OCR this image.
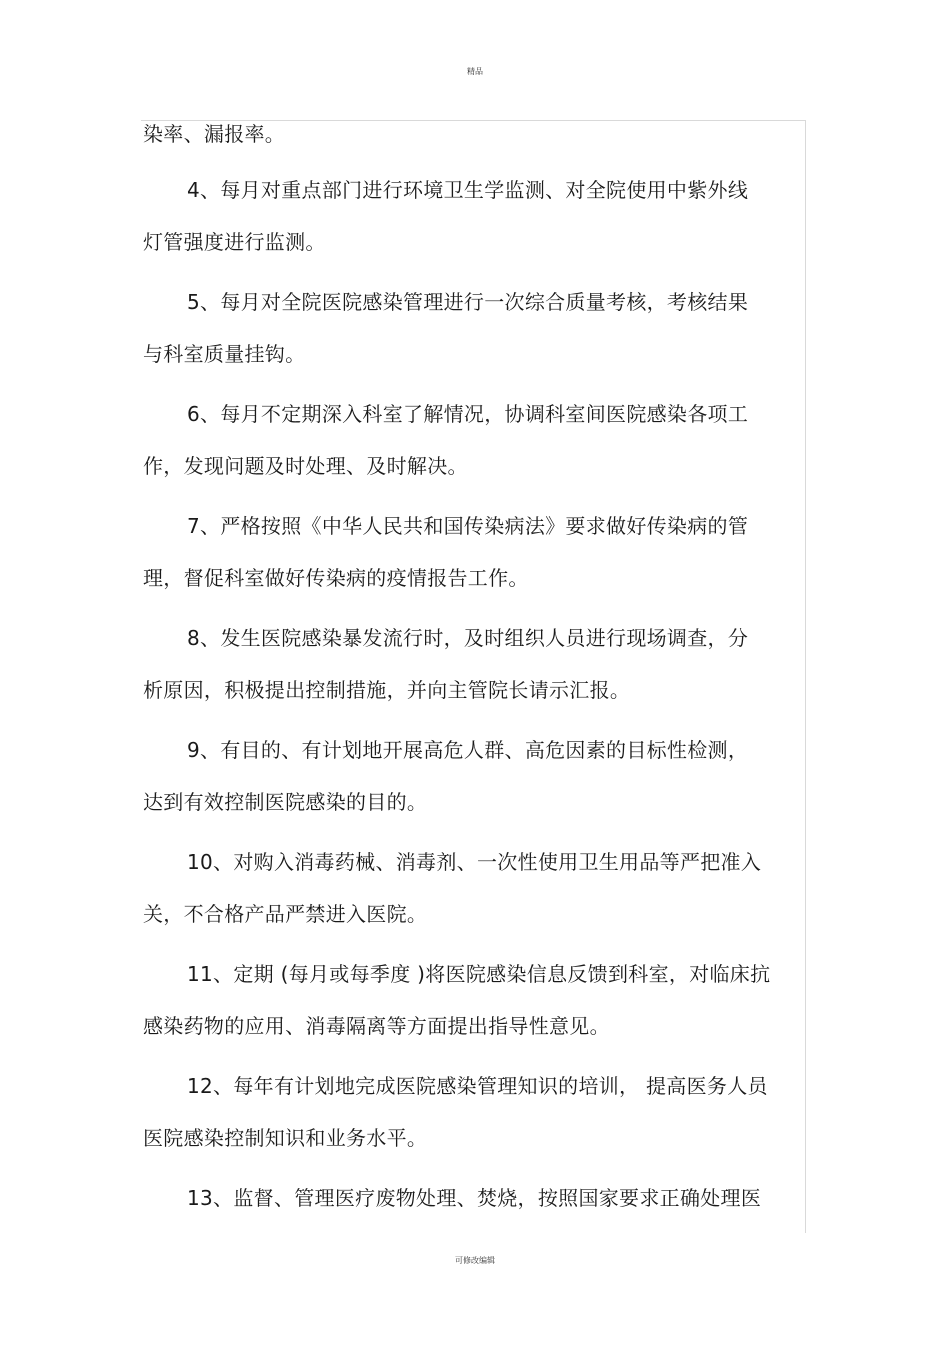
精品
染率、漏报率。
4、每月对重点部门进行环境卫生学监测、对全院使用中紫外线
灯管强度进行监测。
5、每月对全院医院感染管理进行一次综合质量考核，考核结果
与科室质量挂钩。
6、每月不定期深入科室了解情况，协调科室间医院感染各项工
作，发现问题及时处理、及时解决。
7、严格按照《中华人民共和国传染病法》要求做好传染病的管
理，督促科室做好传染病的疫情报告工作。
8、发生医院感染暴发流行时，及时组织人员进行现场调查，分
析原因，积极提出控制措施，并向主管院长请示汇报。
9、有目的、有计划地开展高危人群、高危因素的目标性检测，
达到有效控制医院感染的目的。
10、对购入消毒药械、消毒剂、一次性使用卫生用品等严把准入
关，不合格产品严禁进入医院。
11、定期 (每月或每季度 )将医院感染信息反馈到科室，对临床抗
感染药物的应用、消毒隔离等方面提出指导性意见。
12、每年有计划地完成医院感染管理知识的培训， 提高医务人员
医院感染控制知识和业务水平。
13、监督、管理医疗废物处理、焚烧，按照国家要求正确处理医
可修改编辑
